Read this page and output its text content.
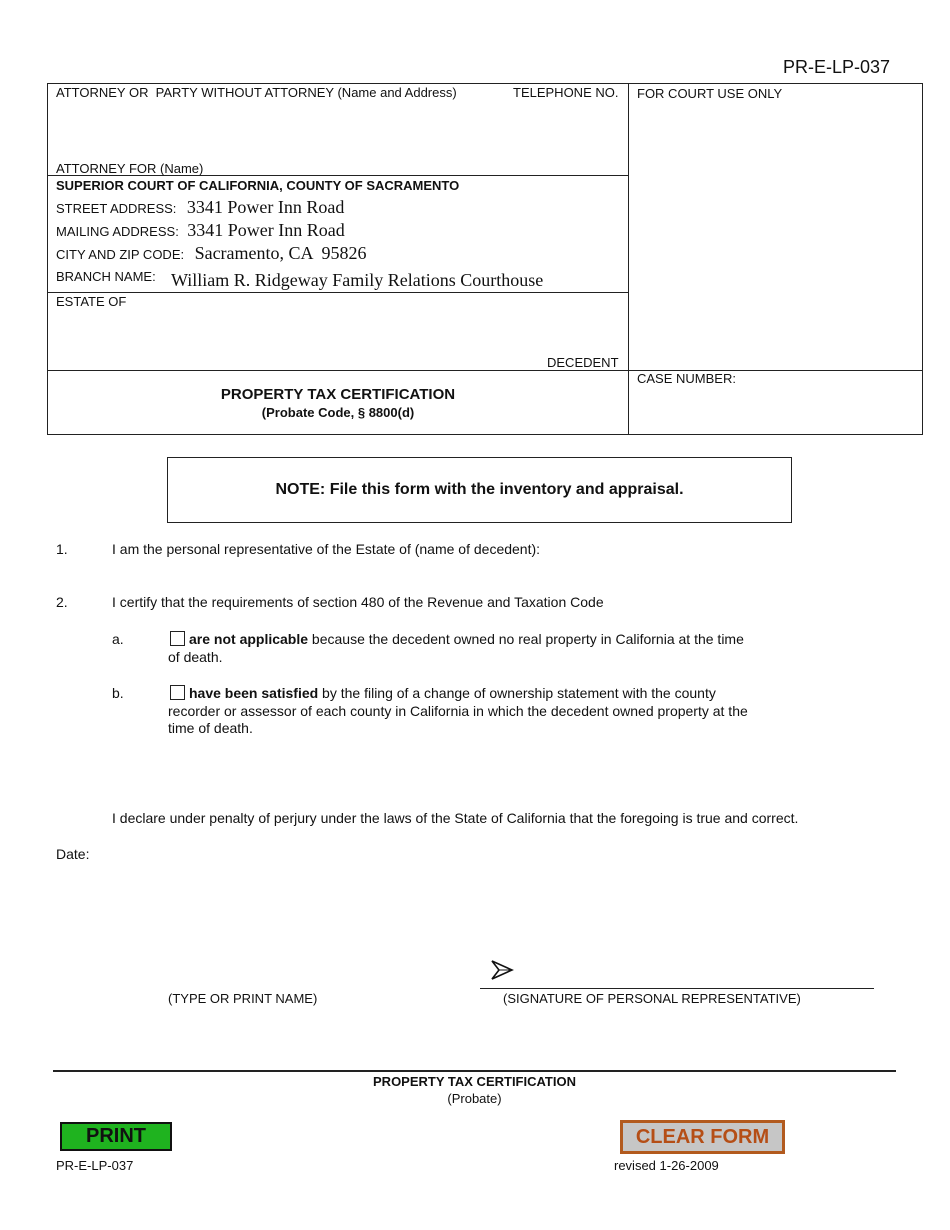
PR-E-LP-037
ATTORNEY OR  PARTY WITHOUT ATTORNEY (Name and Address)	TELEPHONE NO. FOR COURT USE ONLY
ATTORNEY FOR (Name)
SUPERIOR COURT OF CALIFORNIA, COUNTY OF SACRAMENTO
STREET ADDRESS: 3341 Power Inn Road
MAILING ADDRESS: 3341 Power Inn Road
CITY AND ZIP CODE: Sacramento, CA  95826
BRANCH NAME: William R. Ridgeway Family Relations Courthouse
ESTATE OF
DECEDENT
PROPERTY TAX CERTIFICATION
(Probate Code, § 8800(d)
CASE NUMBER:
NOTE: File this form with the inventory and appraisal.
1.	I am the personal representative of the Estate of (name of decedent):
2.	I certify that the requirements of section 480 of the Revenue and Taxation Code
a.	are not applicable because the decedent owned no real property in California at the time
of death.
b.	have been satisfied by the filing of a change of ownership statement with the county
recorder or assessor of each county in California in which the decedent owned property at the
time of death.
I declare under penalty of perjury under the laws of the State of California that the foregoing is true and correct.
Date:
(TYPE OR PRINT NAME)	(SIGNATURE OF PERSONAL REPRESENTATIVE)
PROPERTY TAX CERTIFICATION
(Probate)
PRINT	CLEAR FORM
PR-E-LP-037	revised 1-26-2009
